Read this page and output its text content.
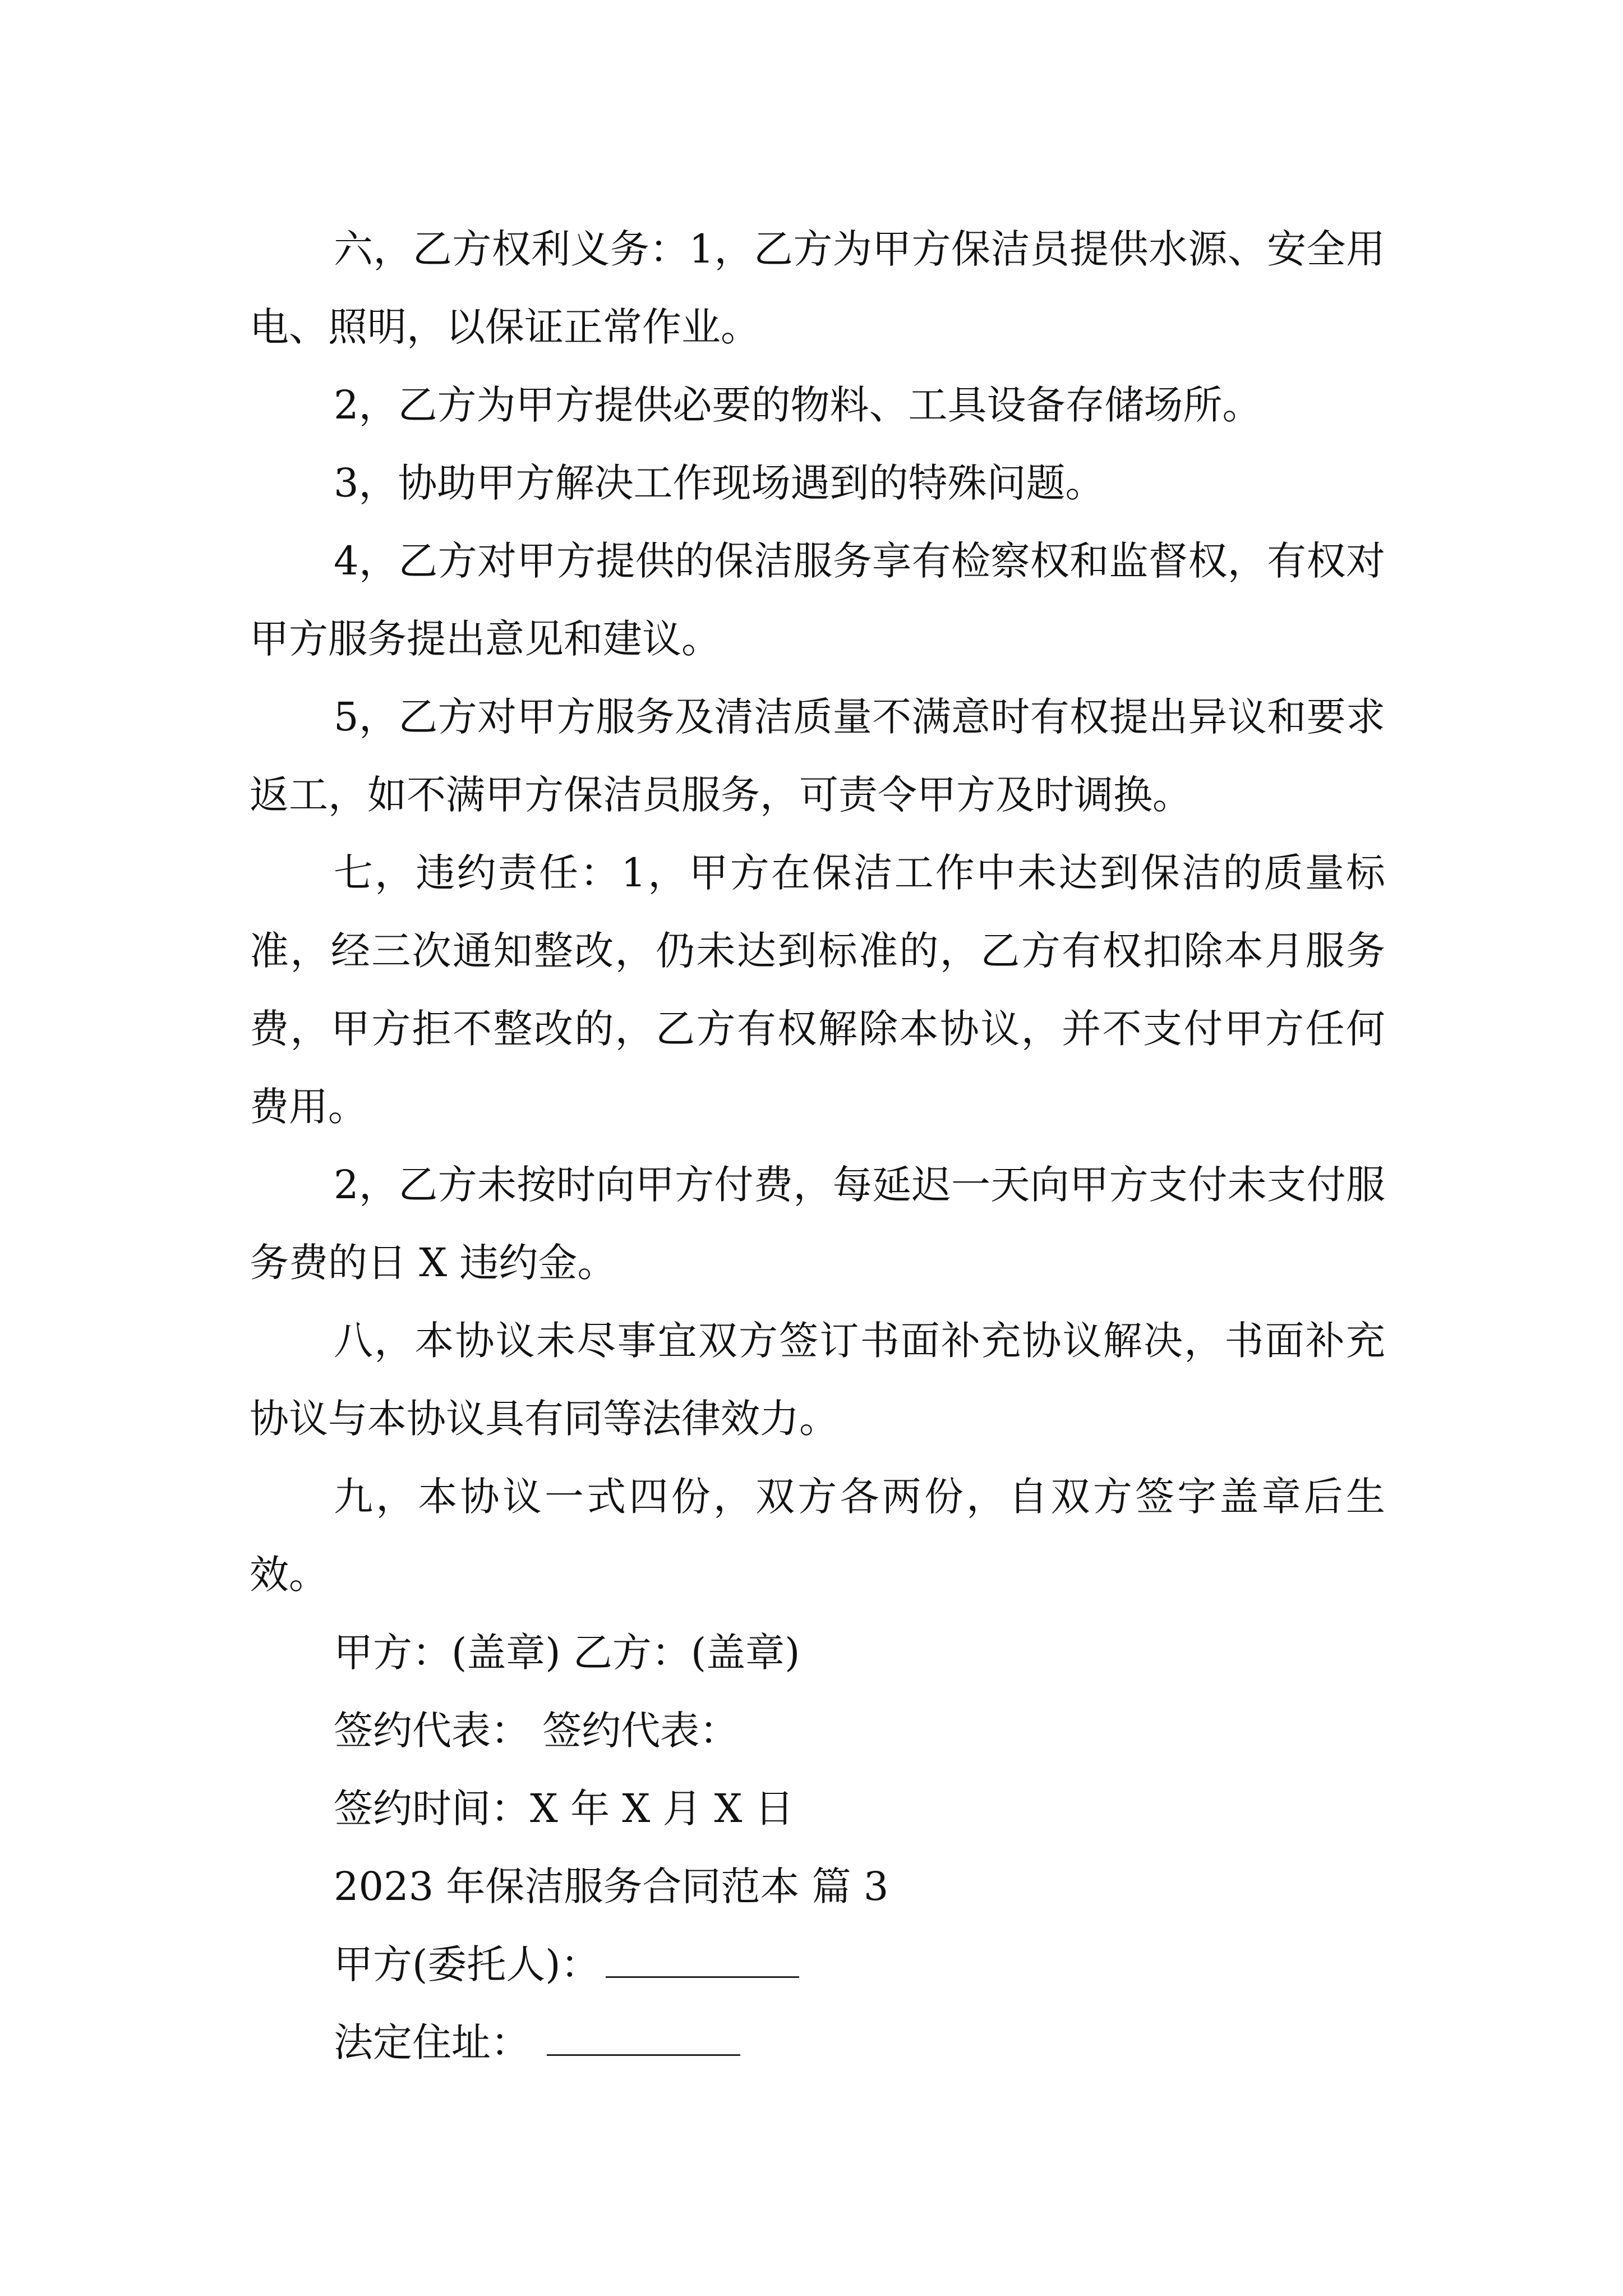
六，乙方权利义务：1，乙方为甲方保洁员提供水源、安全用电、照明，以保证正常作业。

2，乙方为甲方提供必要的物料、工具设备存储场所。

3，协助甲方解决工作现场遇到的特殊问题。

4，乙方对甲方提供的保洁服务享有检察权和监督权，有权对甲方服务提出意见和建议。

5，乙方对甲方服务及清洁质量不满意时有权提出异议和要求返工，如不满甲方保洁员服务，可责令甲方及时调换。

七，违约责任：1，甲方在保洁工作中未达到保洁的质量标准，经三次通知整改，仍未达到标准的，乙方有权扣除本月服务费，甲方拒不整改的，乙方有权解除本协议，并不支付甲方任何费用。

2，乙方未按时向甲方付费，每延迟一天向甲方支付未支付服务费的日 X 违约金。

八，本协议未尽事宜双方签订书面补充协议解决，书面补充协议与本协议具有同等法律效力。

九，本协议一式四份，双方各两份，自双方签字盖章后生效。

甲方：(盖章) 乙方：(盖章)

签约代表： 签约代表：

签约时间：X 年 X 月 X 日

2023 年保洁服务合同范本 篇 3

甲方(委托人)：

法定住址：
